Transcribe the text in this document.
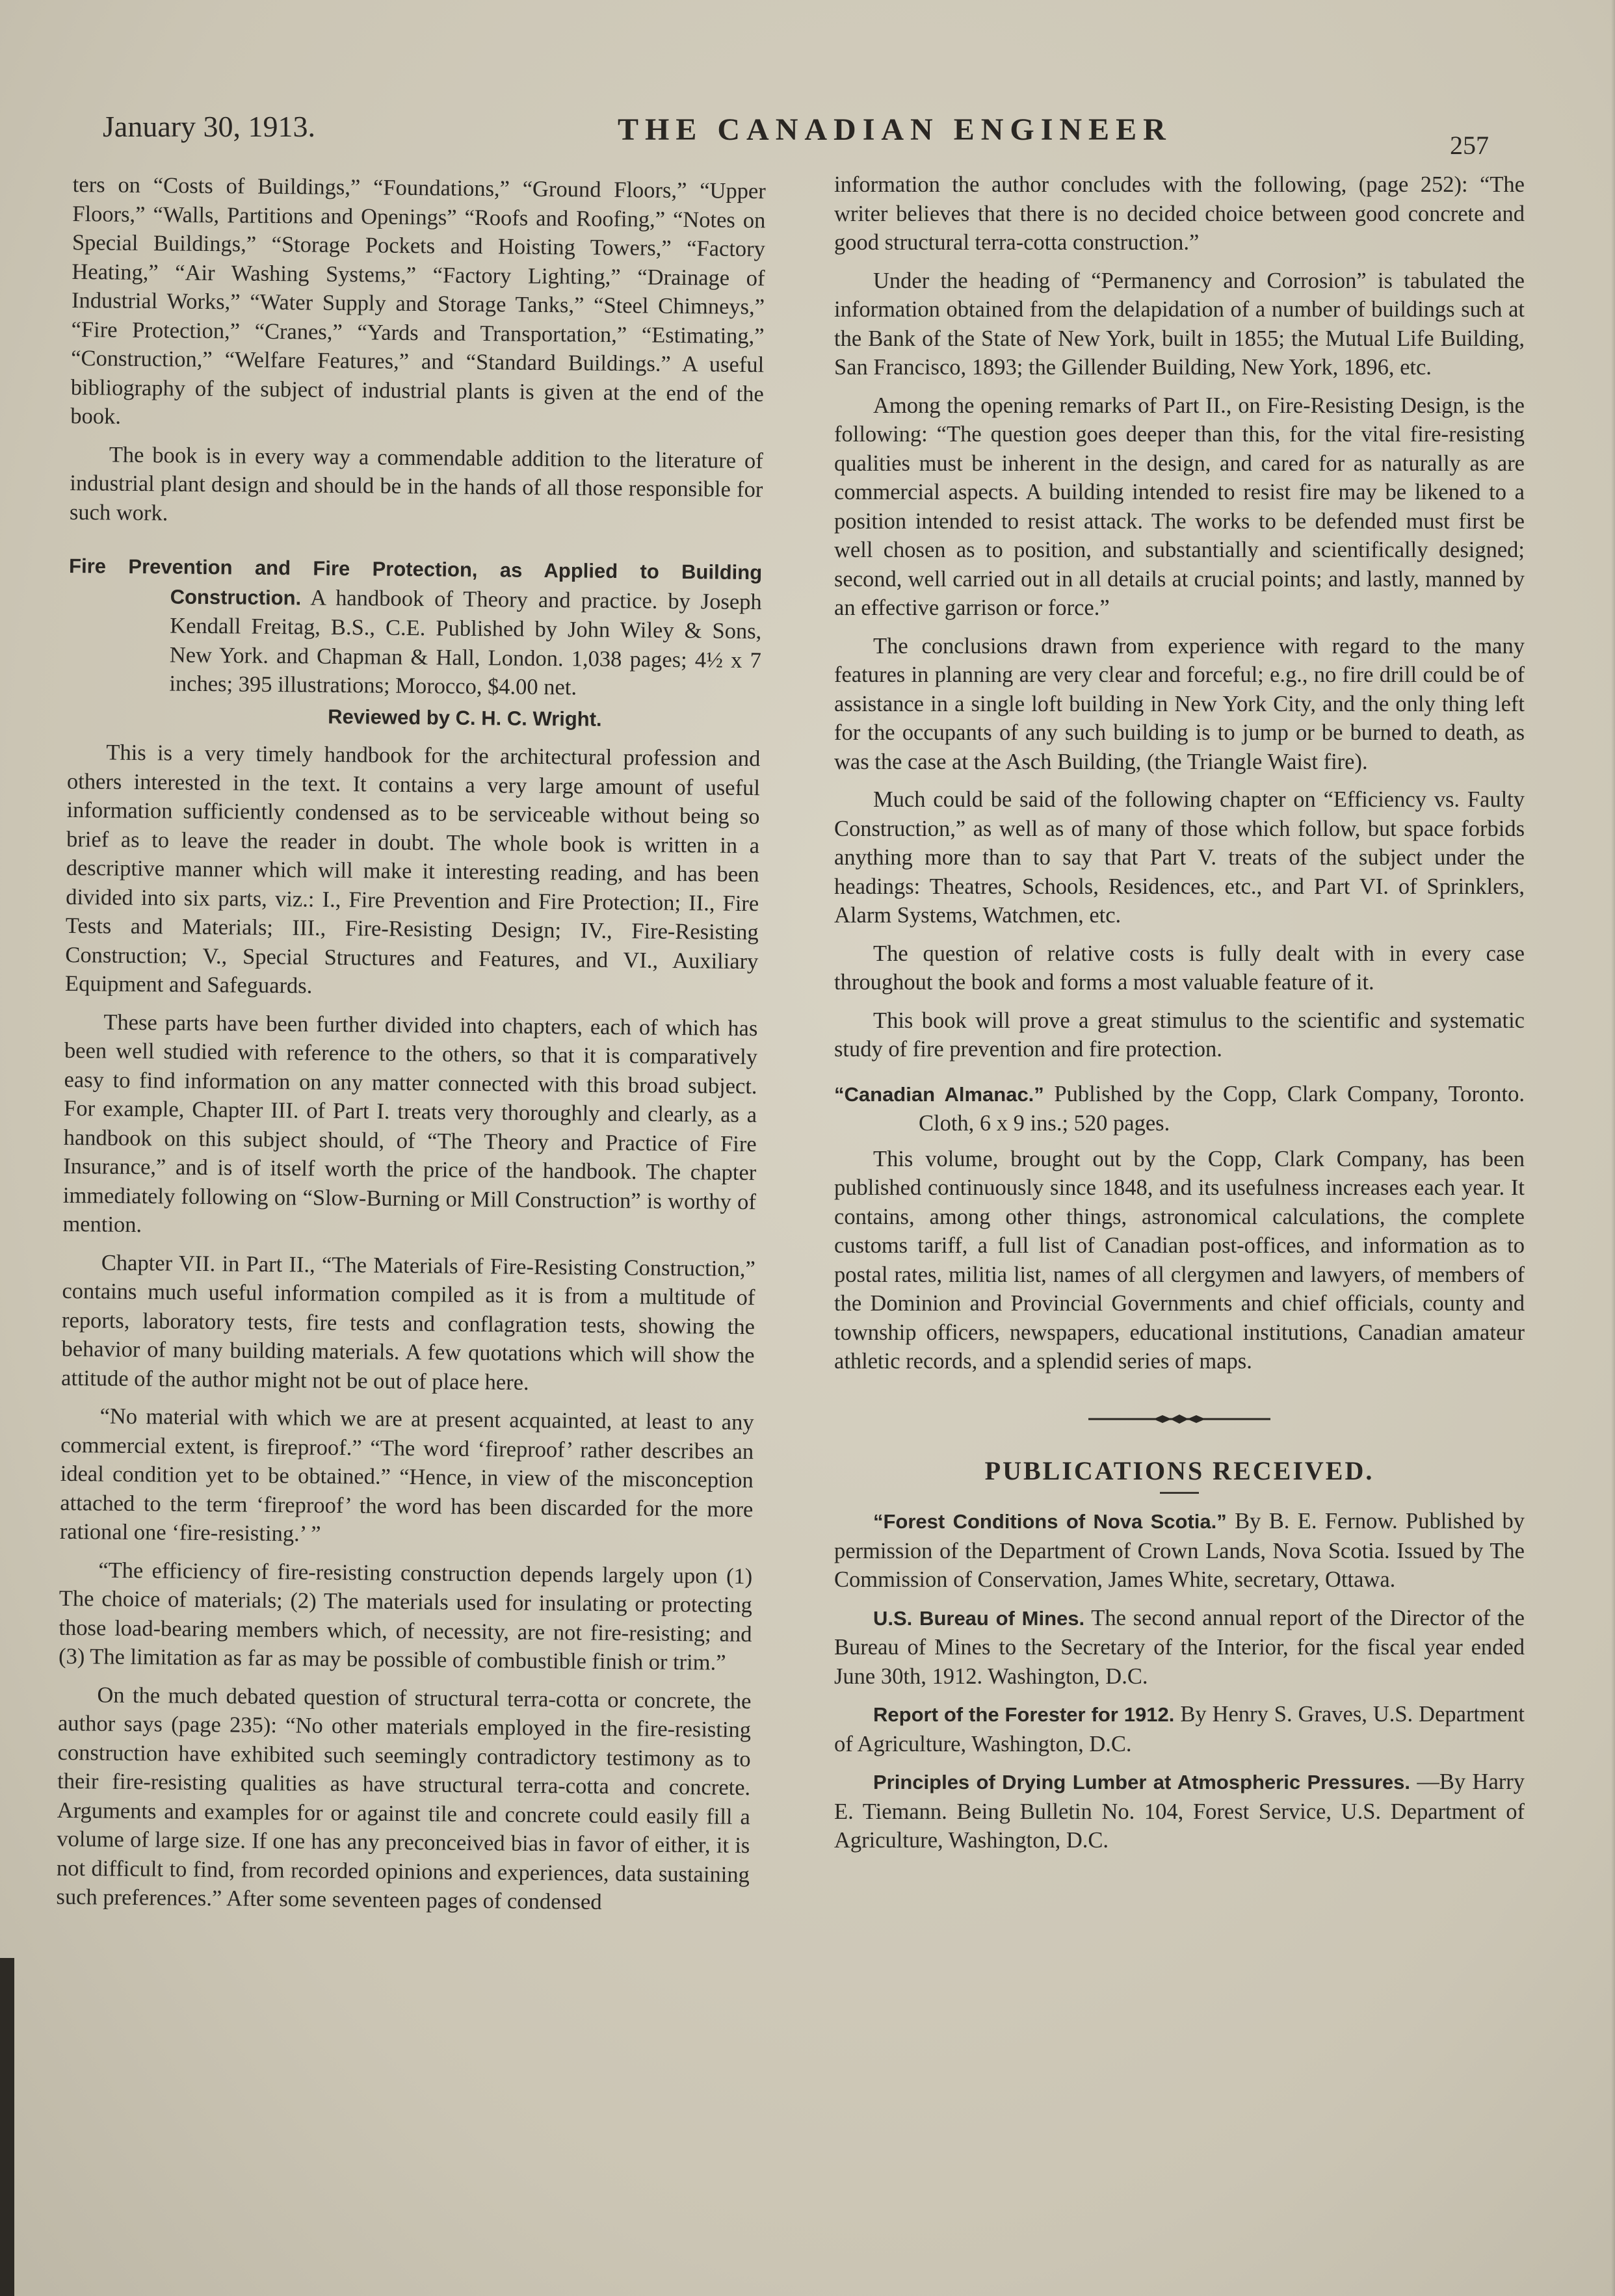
January 30, 1913.	THE CANADIAN ENGINEER	257

ters on “Costs of Buildings,” “Foundations,” “Ground Floors,” “Upper Floors,” “Walls, Partitions and Openings” “Roofs and Roofing,” “Notes on Special Buildings,” “Storage Pockets and Hoisting Towers,” “Factory Heating,” “Air Washing Systems,” “Factory Lighting,” “Drainage of Industrial Works,” “Water Supply and Storage Tanks,” “Steel Chimneys,” “Fire Protection,” “Cranes,” “Yards and Transportation,” “Estimating,” “Construction,” “Welfare Features,” and “Standard Buildings.” A useful bibliography of the subject of industrial plants is given at the end of the book.

The book is in every way a commendable addition to the literature of industrial plant design and should be in the hands of all those responsible for such work.

Fire Prevention and Fire Protection, as Applied to Building Construction. A handbook of Theory and practice. by Joseph Kendall Freitag, B.S., C.E. Published by John Wiley & Sons, New York. and Chapman & Hall, London. 1,038 pages; 4½ x 7 inches; 395 illustrations; Morocco, $4.00 net.
Reviewed by C. H. C. Wright.

This is a very timely handbook for the architectural profession and others interested in the text. It contains a very large amount of useful information sufficiently condensed as to be serviceable without being so brief as to leave the reader in doubt. The whole book is written in a descriptive manner which will make it interesting reading, and has been divided into six parts, viz.: I., Fire Prevention and Fire Protection; II., Fire Tests and Materials; III., Fire-Resisting Design; IV., Fire-Resisting Construction; V., Special Structures and Features, and VI., Auxiliary Equipment and Safeguards.

These parts have been further divided into chapters, each of which has been well studied with reference to the others, so that it is comparatively easy to find information on any matter connected with this broad subject. For example, Chapter III. of Part I. treats very thoroughly and clearly, as a handbook on this subject should, of “The Theory and Practice of Fire Insurance,” and is of itself worth the price of the handbook. The chapter immediately following on “Slow-Burning or Mill Construction” is worthy of mention.

Chapter VII. in Part II., “The Materials of Fire-Resisting Construction,” contains much useful information compiled as it is from a multitude of reports, laboratory tests, fire tests and conflagration tests, showing the behavior of many building materials. A few quotations which will show the attitude of the author might not be out of place here.

“No material with which we are at present acquainted, at least to any commercial extent, is fireproof.” “The word ‘fireproof’ rather describes an ideal condition yet to be obtained.” “Hence, in view of the misconception attached to the term ‘fireproof’ the word has been discarded for the more rational one ‘fire-resisting.’ ”

“The efficiency of fire-resisting construction depends largely upon (1) The choice of materials; (2) The materials used for insulating or protecting those load-bearing members which, of necessity, are not fire-resisting; and (3) The limitation as far as may be possible of combustible finish or trim.”

On the much debated question of structural terra-cotta or concrete, the author says (page 235): “No other materials employed in the fire-resisting construction have exhibited such seemingly contradictory testimony as to their fire-resisting qualities as have structural terra-cotta and concrete. Arguments and examples for or against tile and concrete could easily fill a volume of large size. If one has any preconceived bias in favor of either, it is not difficult to find, from recorded opinions and experiences, data sustaining such preferences.” After some seventeen pages of condensed

information the author concludes with the following, (page 252): “The writer believes that there is no decided choice between good concrete and good structural terra-cotta construction.”

Under the heading of “Permanency and Corrosion” is tabulated the information obtained from the delapidation of a number of buildings such at the Bank of the State of New York, built in 1855; the Mutual Life Building, San Francisco, 1893; the Gillender Building, New York, 1896, etc.

Among the opening remarks of Part II., on Fire-Resisting Design, is the following: “The question goes deeper than this, for the vital fire-resisting qualities must be inherent in the design, and cared for as naturally as are commercial aspects. A building intended to resist fire may be likened to a position intended to resist attack. The works to be defended must first be well chosen as to position, and substantially and scientifically designed; second, well carried out in all details at crucial points; and lastly, manned by an effective garrison or force.”

The conclusions drawn from experience with regard to the many features in planning are very clear and forceful; e.g., no fire drill could be of assistance in a single loft building in New York City, and the only thing left for the occupants of any such building is to jump or be burned to death, as was the case at the Asch Building, (the Triangle Waist fire).

Much could be said of the following chapter on “Efficiency vs. Faulty Construction,” as well as of many of those which follow, but space forbids anything more than to say that Part V. treats of the subject under the headings: Theatres, Schools, Residences, etc., and Part VI. of Sprinklers, Alarm Systems, Watchmen, etc.

The question of relative costs is fully dealt with in every case throughout the book and forms a most valuable feature of it.

This book will prove a great stimulus to the scientific and systematic study of fire prevention and fire protection.

“Canadian Almanac.” Published by the Copp, Clark Company, Toronto. Cloth, 6 x 9 ins.; 520 pages.

This volume, brought out by the Copp, Clark Company, has been published continuously since 1848, and its usefulness increases each year. It contains, among other things, astronomical calculations, the complete customs tariff, a full list of Canadian post-offices, and information as to postal rates, militia list, names of all clergymen and lawyers, of members of the Dominion and Provincial Governments and chief officials, county and township officers, newspapers, educational institutions, Canadian amateur athletic records, and a splendid series of maps.

PUBLICATIONS RECEIVED.

“Forest Conditions of Nova Scotia.” By B. E. Fernow. Published by permission of the Department of Crown Lands, Nova Scotia. Issued by The Commission of Conservation, James White, secretary, Ottawa.

U.S. Bureau of Mines. The second annual report of the Director of the Bureau of Mines to the Secretary of the Interior, for the fiscal year ended June 30th, 1912. Washington, D.C.

Report of the Forester for 1912. By Henry S. Graves, U.S. Department of Agriculture, Washington, D.C.

Principles of Drying Lumber at Atmospheric Pressures. —By Harry E. Tiemann. Being Bulletin No. 104, Forest Service, U.S. Department of Agriculture, Washington, D.C.
